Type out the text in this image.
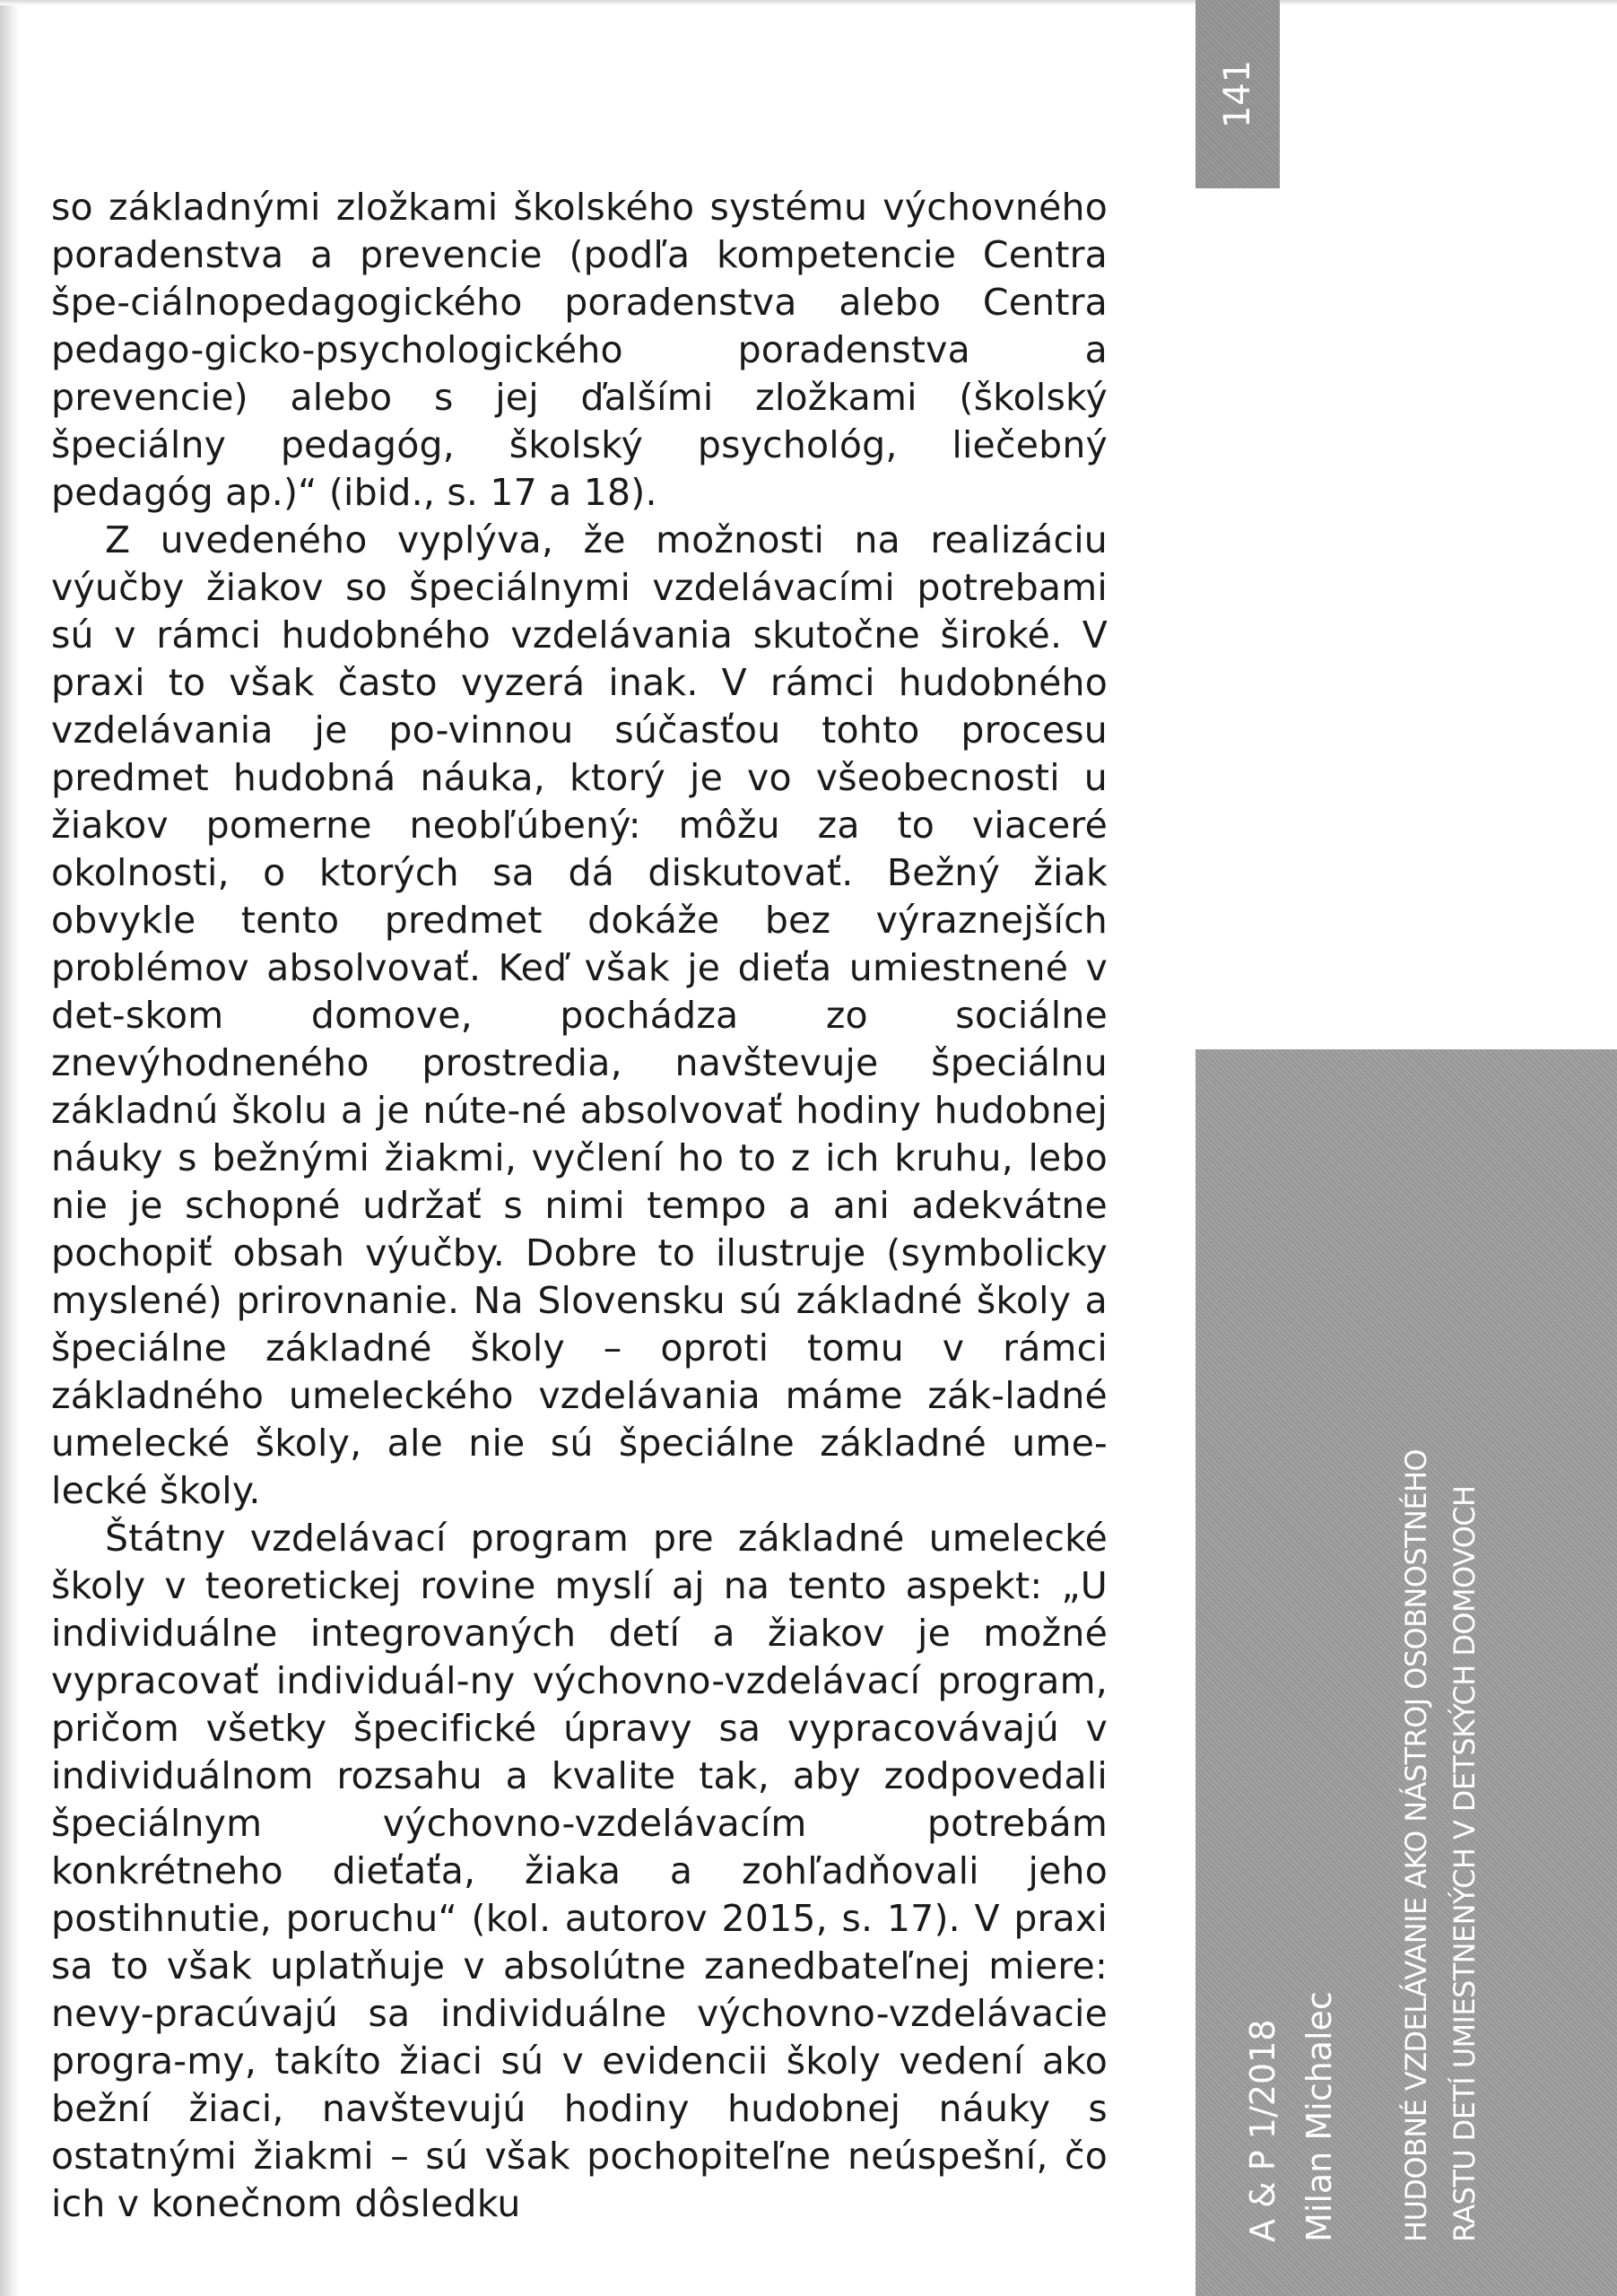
141
A & P 1/2018 Milan Michalec	HUDOBNÉ VZDELÁVANIE AKO NÁSTROJ OSOBNOSTNÉHO RASTU DETÍ UMIESTNENÝCH V DETSKÝCH DOMOVOCH

so základnými zložkami školského systému výchovného poradenstva a prevencie (podľa kompetencie Centra špe-ciálnopedagogického poradenstva alebo Centra pedago-gicko-psychologického poradenstva a prevencie) alebo s jej ďalšími zložkami (školský špeciálny pedagóg, školský psychológ, liečebný pedagóg ap.)“ (ibid., s. 17 a 18).

Z uvedeného vyplýva, že možnosti na realizáciu výučby žiakov so špeciálnymi vzdelávacími potrebami sú v rámci hudobného vzdelávania skutočne široké. V praxi to však často vyzerá inak. V rámci hudobného vzdelávania je po-vinnou súčasťou tohto procesu predmet hudobná náuka, ktorý je vo všeobecnosti u žiakov pomerne neobľúbený: môžu za to viaceré okolnosti, o ktorých sa dá diskutovať. Bežný žiak obvykle tento predmet dokáže bez výraznejších problémov absolvovať. Keď však je dieťa umiestnené v det-skom domove, pochádza zo sociálne znevýhodneného prostredia, navštevuje špeciálnu základnú školu a je núte-né absolvovať hodiny hudobnej náuky s bežnými žiakmi, vyčlení ho to z ich kruhu, lebo nie je schopné udržať s nimi tempo a ani adekvátne pochopiť obsah výučby. Dobre to ilustruje (symbolicky myslené) prirovnanie. Na Slovensku sú základné školy a špeciálne základné školy – oproti tomu v rámci základného umeleckého vzdelávania máme zák-ladné umelecké školy, ale nie sú špeciálne základné ume-lecké školy.

Štátny vzdelávací program pre základné umelecké školy v teoretickej rovine myslí aj na tento aspekt: „U individuálne integrovaných detí a žiakov je možné vypracovať individuál-ny výchovno-vzdelávací program, pričom všetky špecifické úpravy sa vypracovávajú v individuálnom rozsahu a kvalite tak, aby zodpovedali špeciálnym výchovno-vzdelávacím potrebám konkrétneho dieťaťa, žiaka a zohľadňovali jeho postihnutie, poruchu“ (kol. autorov 2015, s. 17). V praxi sa to však uplatňuje v absolútne zanedbateľnej miere: nevy-pracúvajú sa individuálne výchovno-vzdelávacie progra-my, takíto žiaci sú v evidencii školy vedení ako bežní žiaci, navštevujú hodiny hudobnej náuky s ostatnými žiakmi – sú však pochopiteľne neúspešní, čo ich v konečnom dôsledku
